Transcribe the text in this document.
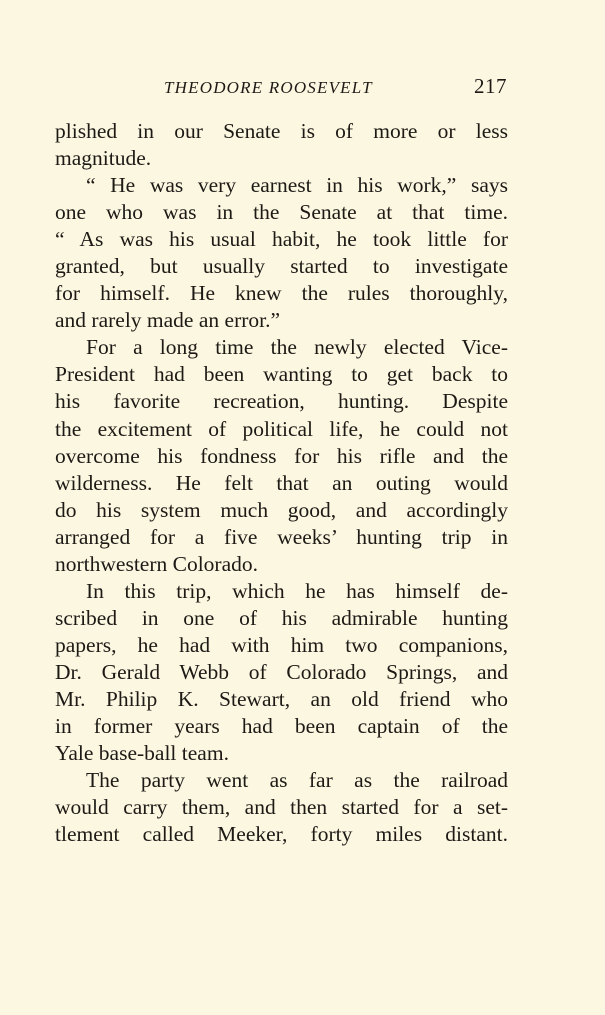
THEODORE ROOSEVELT	217
plished in our Senate is of more or less
magnitude.
“ He was very earnest in his work,” says
one who was in the Senate at that time.
“ As was his usual habit, he took little for
granted, but usually started to investigate
for himself. He knew the rules thoroughly,
and rarely made an error.”
For a long time the newly elected Vice-
President had been wanting to get back to
his favorite recreation, hunting. Despite
the excitement of political life, he could not
overcome his fondness for his rifle and the
wilderness. He felt that an outing would
do his system much good, and accordingly
arranged for a five weeks’ hunting trip in
northwestern Colorado.
In this trip, which he has himself de-
scribed in one of his admirable hunting
papers, he had with him two companions,
Dr. Gerald Webb of Colorado Springs, and
Mr. Philip K. Stewart, an old friend who
in former years had been captain of the
Yale base-ball team.
The party went as far as the railroad
would carry them, and then started for a set-
tlement called Meeker, forty miles distant.
